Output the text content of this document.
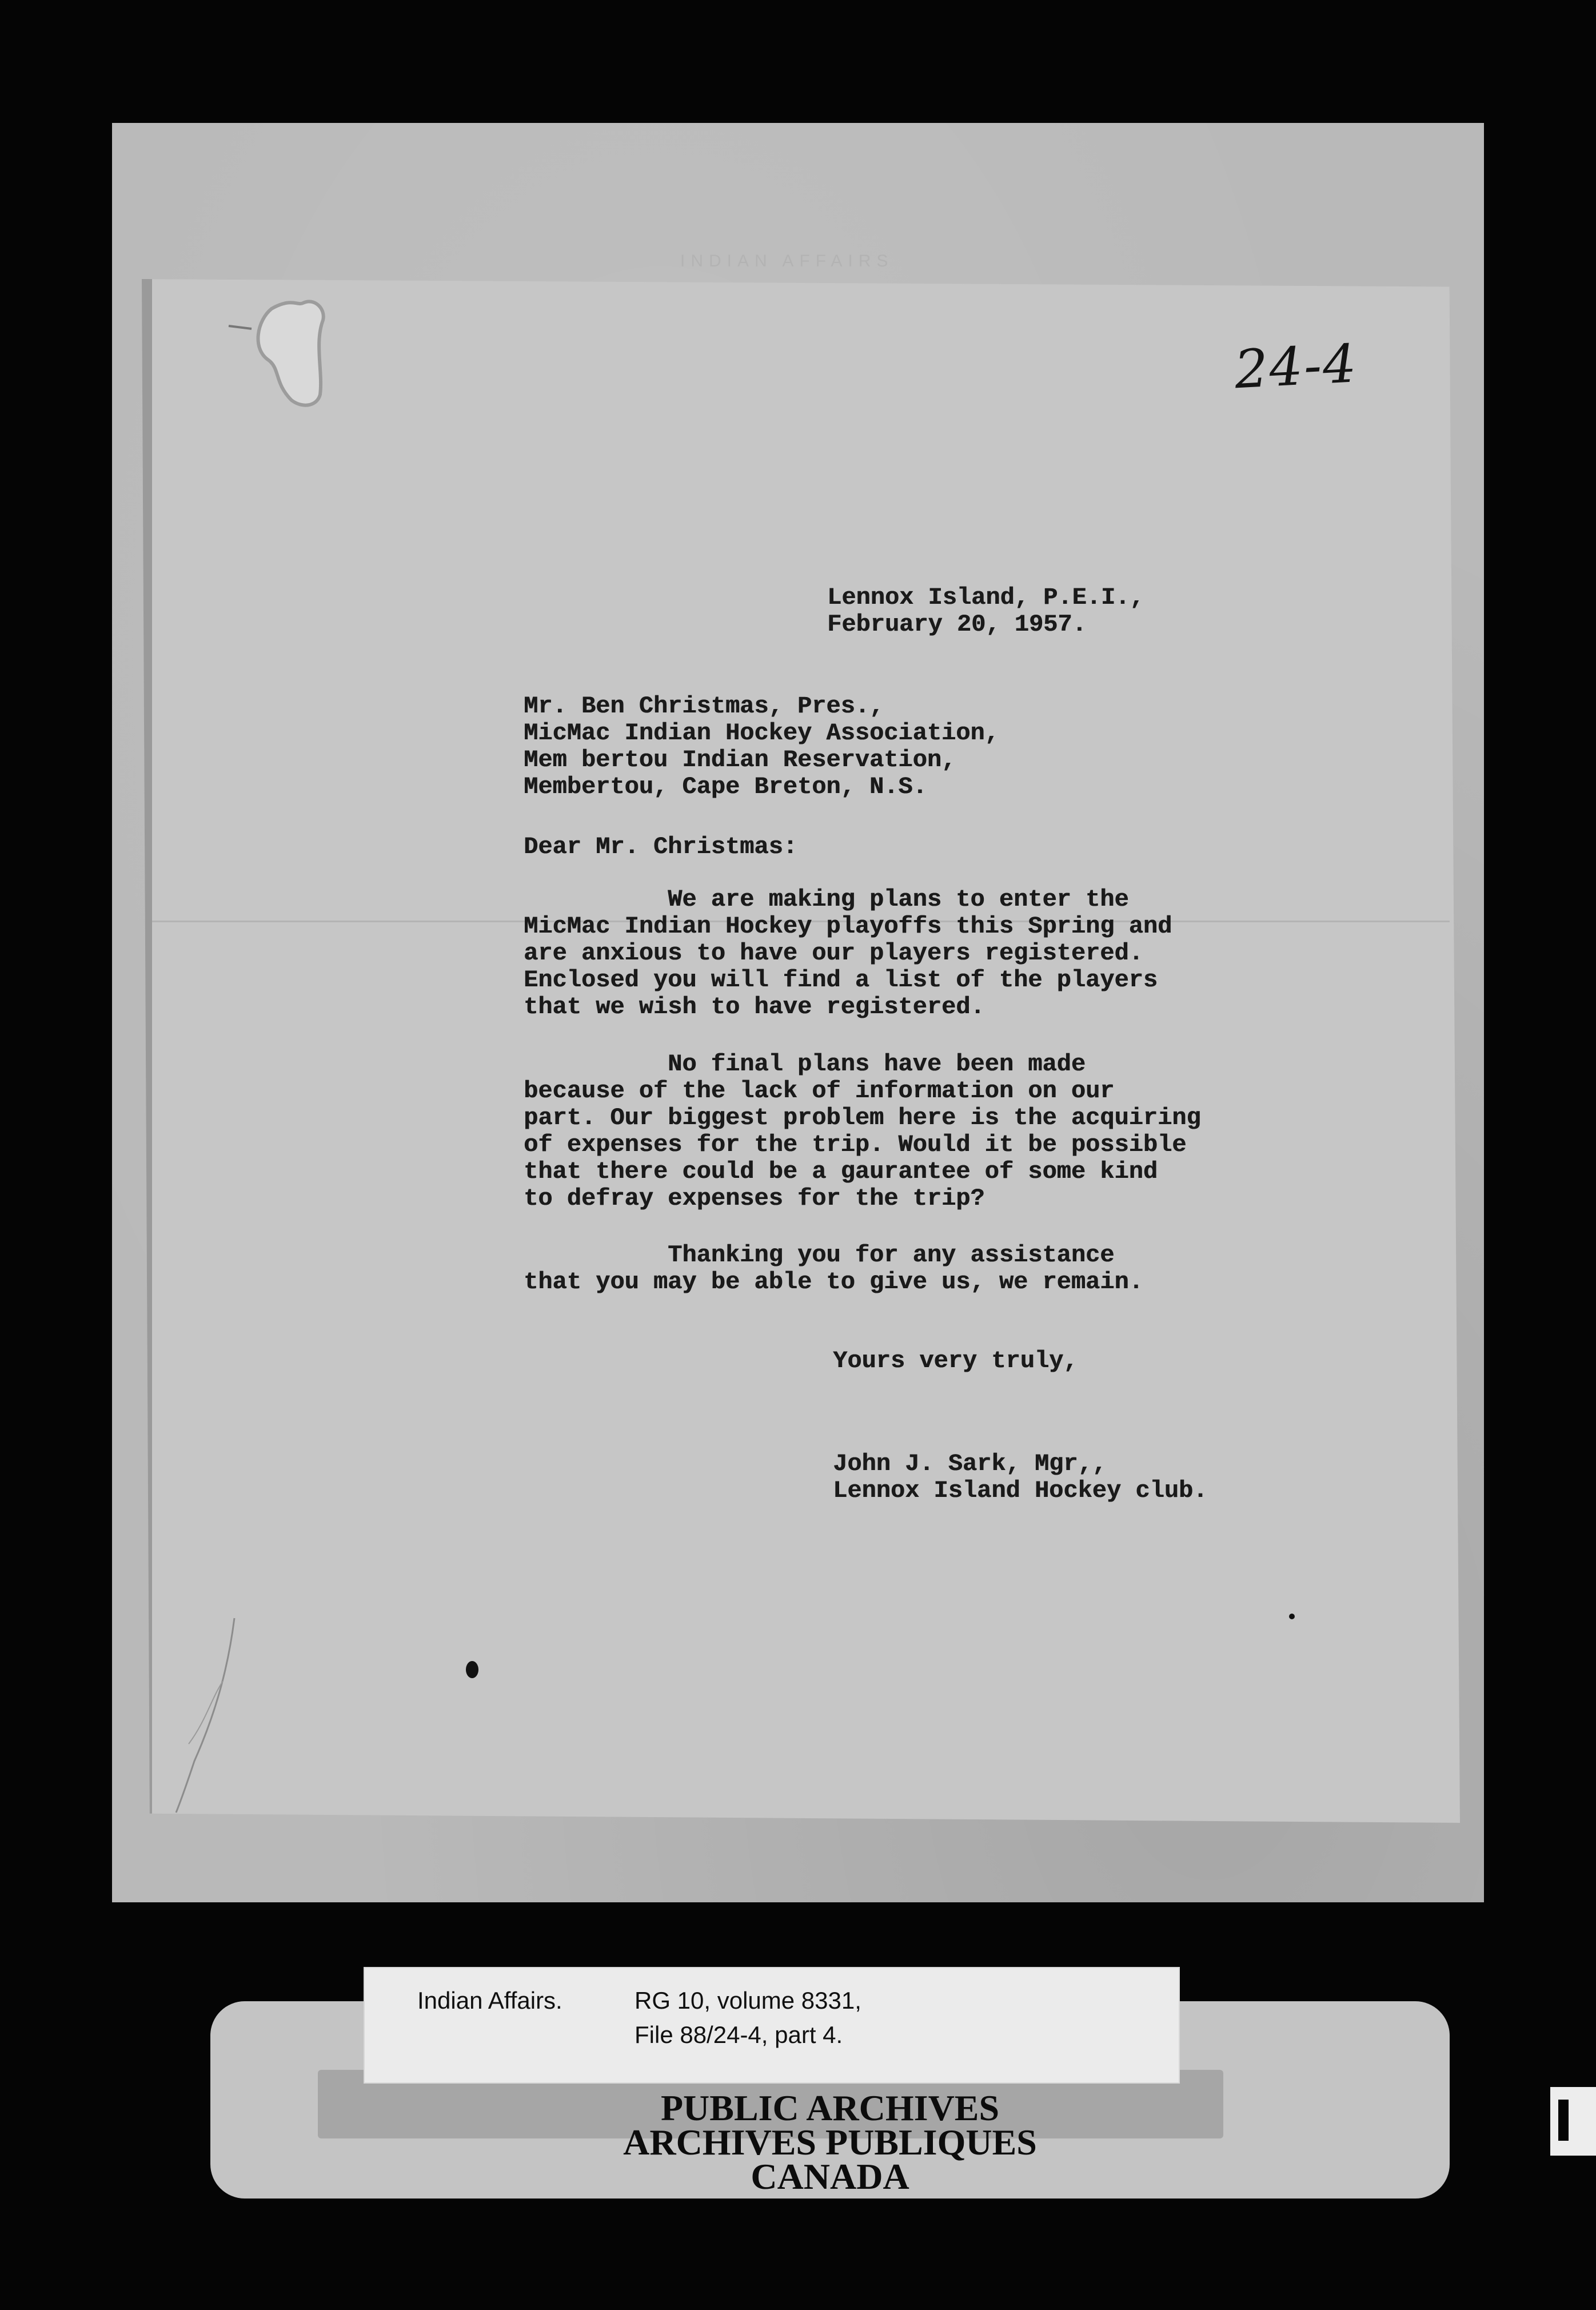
INDIAN AFFAIRS
24-4
Lennox Island, P.E.I.,
February 20, 1957.
Mr. Ben Christmas, Pres.,
MicMac Indian Hockey Association,
Mem bertou Indian Reservation,
Membertou, Cape Breton, N.S.
Dear Mr. Christmas:
We are making plans to enter the
MicMac Indian Hockey playoffs this Spring and
are anxious to have our players registered.
Enclosed you will find a list of the players
that we wish to have registered.
No final plans have been made
because of the lack of information on our
part. Our biggest problem here is the acquiring
of expenses for the trip. Would it be possible
that there could be a gaurantee of some kind
to defray expenses for the trip?
Thanking you for any assistance
that you may be able to give us, we remain.
Yours very truly,
John J. Sark, Mgr,,
Lennox Island Hockey club.
Indian Affairs.	RG 10, volume 8331,
File 88/24-4, part 4.
PUBLIC ARCHIVES
ARCHIVES PUBLIQUES
CANADA
